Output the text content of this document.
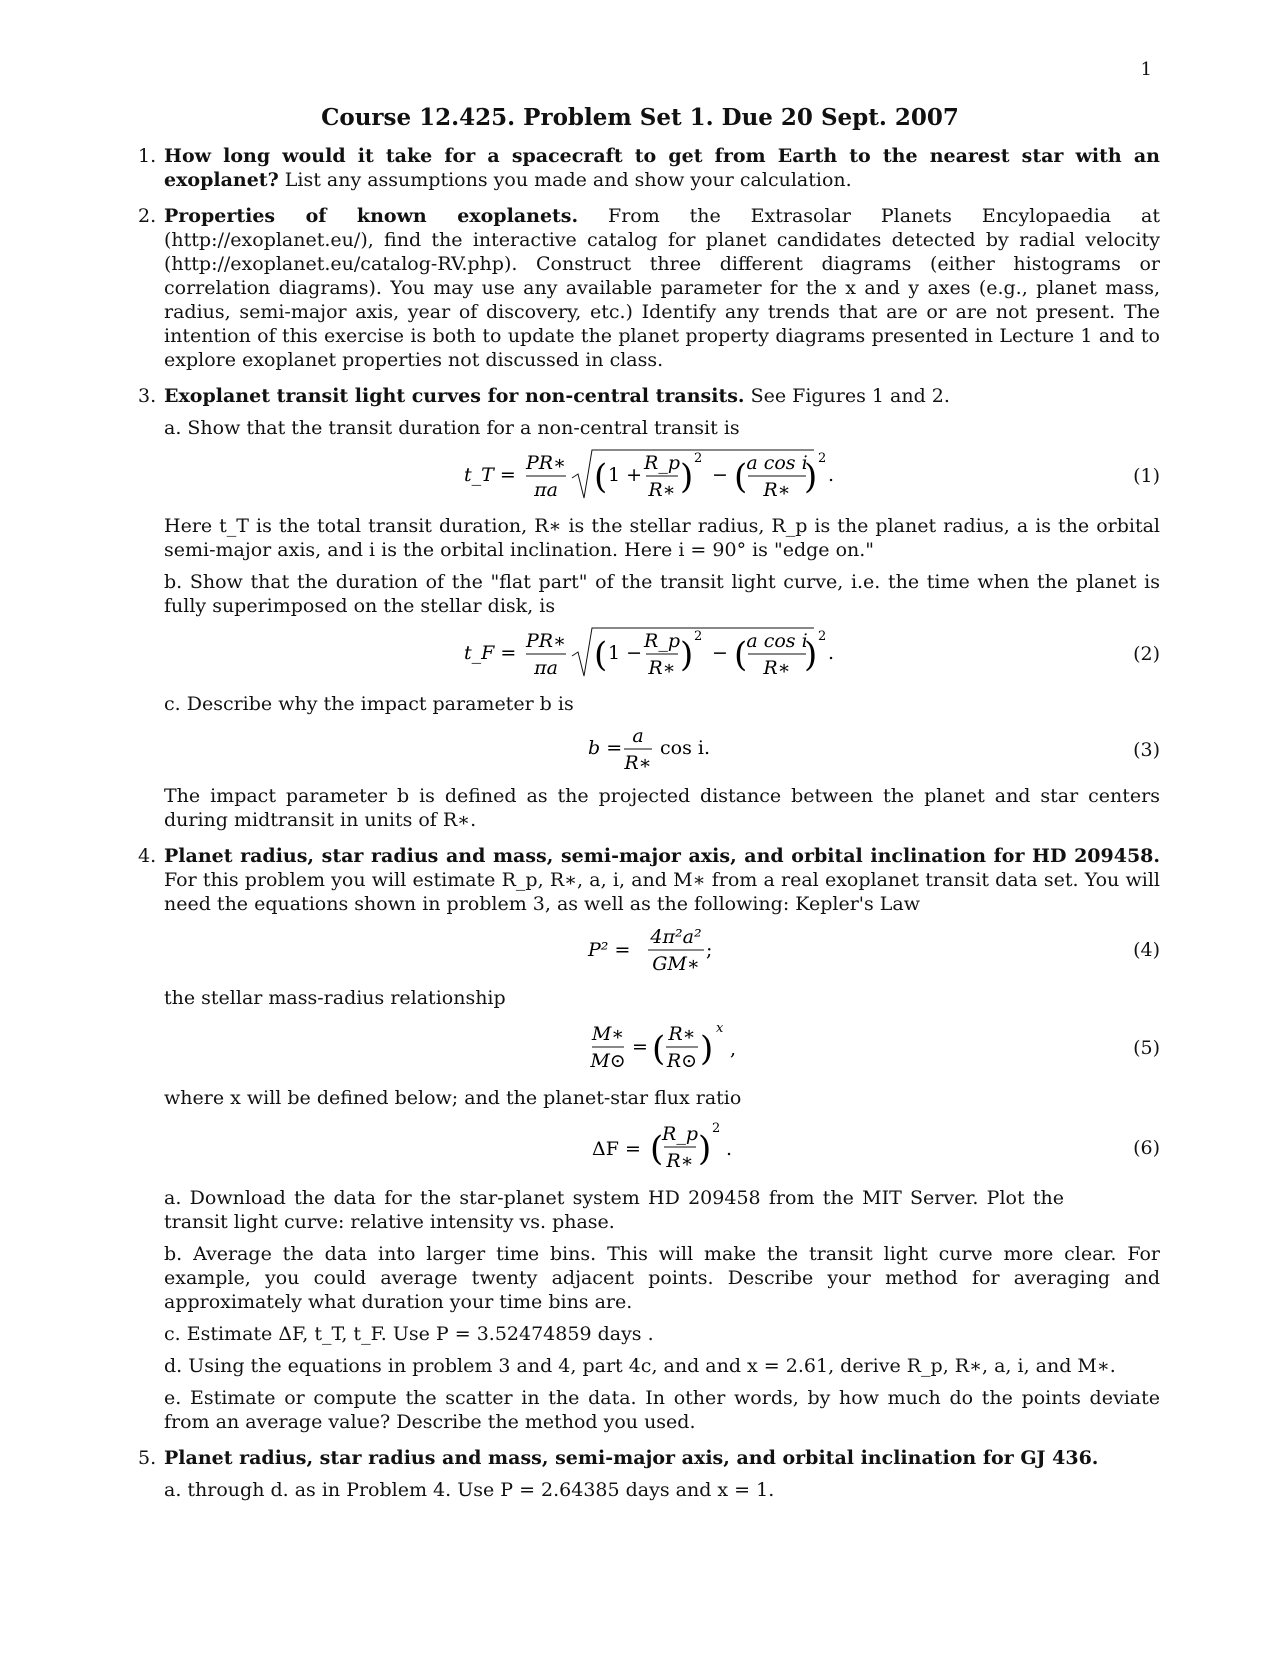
1
Course 12.425. Problem Set 1. Due 20 Sept. 2007
1. How long would it take for a spacecraft to get from Earth to the nearest star with an exoplanet? List any assumptions you made and show your calculation.

2. Properties of known exoplanets. From the Extrasolar Planets Encylopaedia at (http://exoplanet.eu/), find the interactive catalog for planet candidates detected by radial velocity (http://exoplanet.eu/catalog-RV.php). Construct three different diagrams (either histograms or correlation diagrams). You may use any available parameter for the x and y axes (e.g., planet mass, radius, semi-major axis, year of discovery, etc.) Identify any trends that are or are not present. The intention of this exercise is both to update the planet property diagrams presented in Lecture 1 and to explore exoplanet properties not discussed in class.

3. Exoplanet transit light curves for non-central transits. See Figures 1 and 2.

a. Show that the transit duration for a non-central transit is

t_T =
PR∗
πa ( 1 +
R_p
R∗ ) 2
− ( a cos i
R∗ ) 2
.	(1)

Here t_T is the total transit duration, R∗ is the stellar radius, R_p is the planet radius, a is the orbital semi-major axis, and i is the orbital inclination. Here i = 90° is "edge on."

b. Show that the duration of the "flat part" of the transit light curve, i.e. the time when the planet is fully superimposed on the stellar disk, is

t_F =
PR∗
πa ( 1 −
R_p
R∗ ) 2
− ( a cos i
R∗ ) 2
.	(2)

c. Describe why the impact parameter b is

b =
a
R∗
cos i.	(3)

The impact parameter b is defined as the projected distance between the planet and star centers during midtransit in units of R∗.

4. Planet radius, star radius and mass, semi-major axis, and orbital inclination for HD 209458. For this problem you will estimate R_p, R∗, a, i, and M∗ from a real exoplanet transit data set. You will need the equations shown in problem 3, as well as the following: Kepler's Law

P² =
4π²a²
GM∗
;	(4)

the stellar mass-radius relationship

M∗
M⊙
= ( R∗
R⊙ )
x
,	(5)

where x will be defined below; and the planet-star flux ratio

ΔF = (
R_p
R∗ )
2
.	(6)

a. Download the data for the star-planet system HD 209458 from the MIT Server. Plot the transit light curve: relative intensity vs. phase.

b. Average the data into larger time bins. This will make the transit light curve more clear. For example, you could average twenty adjacent points. Describe your method for averaging and approximately what duration your time bins are.

c. Estimate ΔF, t_T, t_F. Use P = 3.52474859 days .

d. Using the equations in problem 3 and 4, part 4c, and and x = 2.61, derive R_p, R∗, a, i, and M∗.

e. Estimate or compute the scatter in the data. In other words, by how much do the points deviate from an average value? Describe the method you used.

5. Planet radius, star radius and mass, semi-major axis, and orbital inclination for GJ 436.

a. through d. as in Problem 4. Use P = 2.64385 days and x = 1.
